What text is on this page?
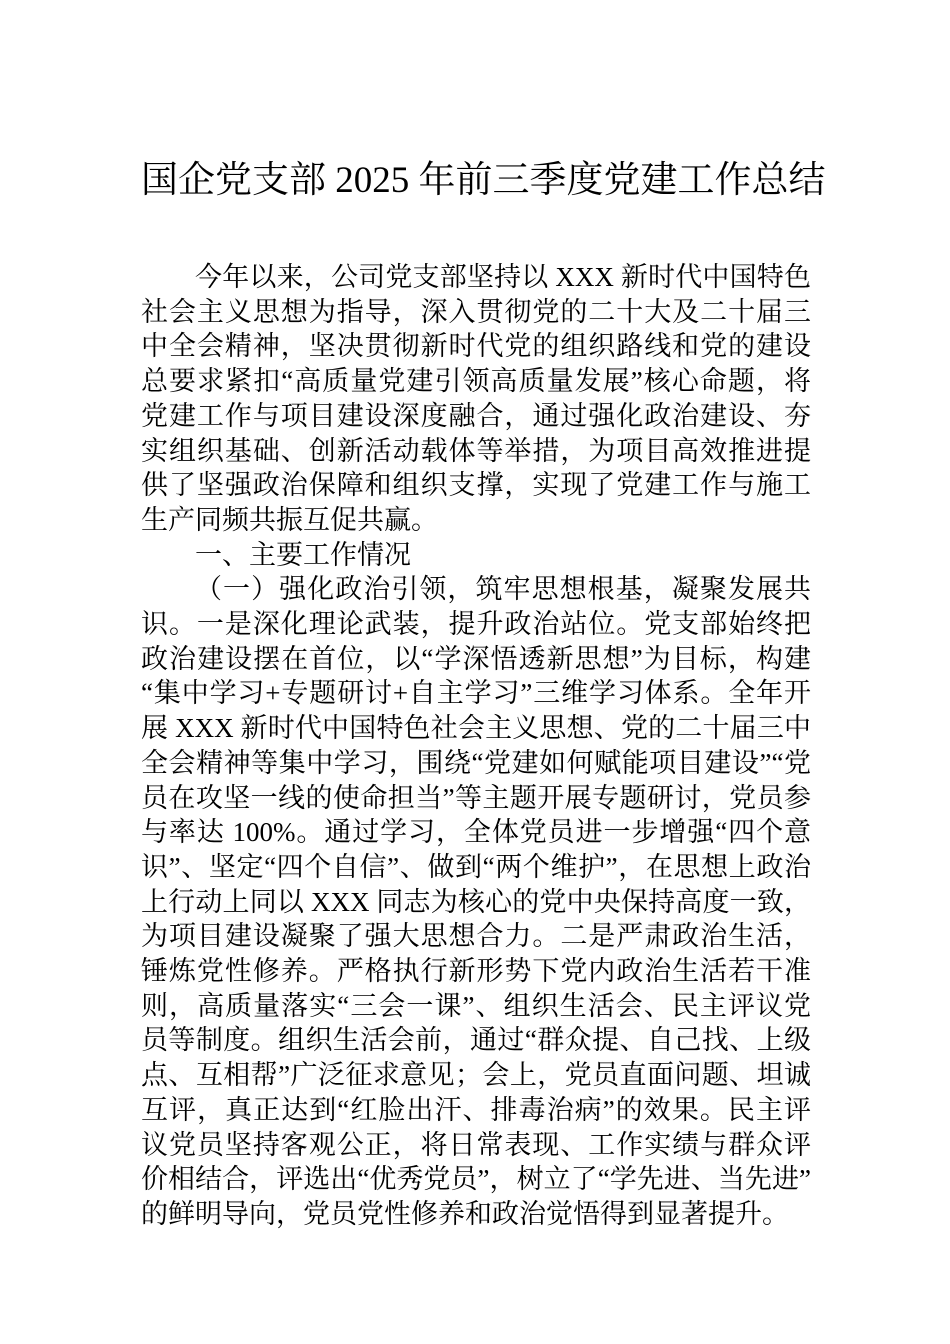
国企党支部 2025 年前三季度党建工作总结

今年以来，公司党支部坚持以 XXX 新时代中国特色社会主义思想为指导，深入贯彻党的二十大及二十届三中全会精神，坚决贯彻新时代党的组织路线和党的建设总要求紧扣“高质量党建引领高质量发展”核心命题，将党建工作与项目建设深度融合，通过强化政治建设、夯实组织基础、创新活动载体等举措，为项目高效推进提供了坚强政治保障和组织支撑，实现了党建工作与施工生产同频共振互促共赢。

一、主要工作情况

（一）强化政治引领，筑牢思想根基，凝聚发展共识。一是深化理论武装，提升政治站位。党支部始终把政治建设摆在首位，以“学深悟透新思想”为目标，构建“集中学习+专题研讨+自主学习”三维学习体系。全年开展 XXX 新时代中国特色社会主义思想、党的二十届三中全会精神等集中学习，围绕“党建如何赋能项目建设”“党员在攻坚一线的使命担当”等主题开展专题研讨，党员参与率达 100%。通过学习，全体党员进一步增强“四个意识”、坚定“四个自信”、做到“两个维护”，在思想上政治上行动上同以 XXX 同志为核心的党中央保持高度一致，为项目建设凝聚了强大思想合力。二是严肃政治生活，锤炼党性修养。严格执行新形势下党内政治生活若干准则，高质量落实“三会一课”、组织生活会、民主评议党员等制度。组织生活会前，通过“群众提、自己找、上级点、互相帮”广泛征求意见；会上，党员直面问题、坦诚互评，真正达到“红脸出汗、排毒治病”的效果。民主评议党员坚持客观公正，将日常表现、工作实绩与群众评价相结合，评选出“优秀党员”，树立了“学先进、当先进”的鲜明导向，党员党性修养和政治觉悟得到显著提升。
